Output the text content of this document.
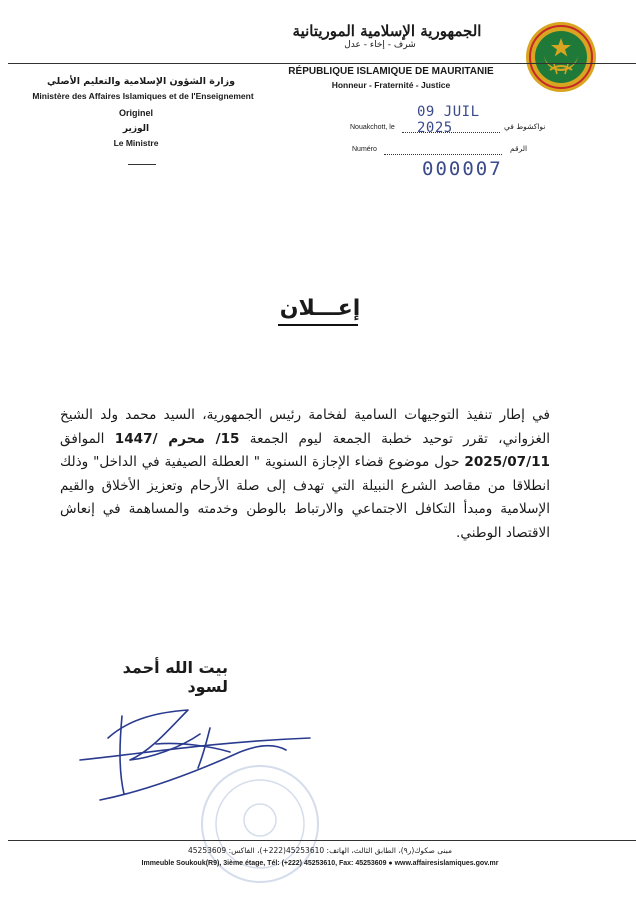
الجمهورية الإسلامية الموريتانية
شرف - إخاء - عدل
RÉPUBLIQUE ISLAMIQUE DE MAURITANIE
Honneur - Fraternité - Justice
وزارة الشؤون الإسلامية والتعليم الأصلي
Ministère des Affaires Islamiques et de l'Enseignement
Originel
الوزير
Le Ministre
09 JUIL 2025
Nouakchott, le	نواكشوط في
Numéro	الرقم
000007
إعـــلان
في إطار تنفيذ التوجيهات السامية لفخامة رئيس الجمهورية، السيد محمد ولد الشيخ الغزواني، تقرر توحيد خطبة الجمعة ليوم الجمعة 15/ محرم /1447 الموافق 2025/07/11 حول موضوع قضاء الإجازة السنوية " العطلة الصيفية في الداخل" وذلك انطلاقا من مقاصد الشرع النبيلة التي تهدف إلى صلة الأرحام وتعزيز الأخلاق والقيم الإسلامية ومبدأ التكافل الاجتماعي والارتباط بالوطن وخدمته والمساهمة في إنعاش الاقتصاد الوطني.
بيت الله أحمد لسود
مبنى صكوك(ر٩)، الطابق الثالث، الهاتف: 45253610(222+)، الفاكس: 45253609
Immeuble Soukouk(R9), 3ième étage, Tél: (+222) 45253610, Fax: 45253609 ● www.affairesislamiques.gov.mr
